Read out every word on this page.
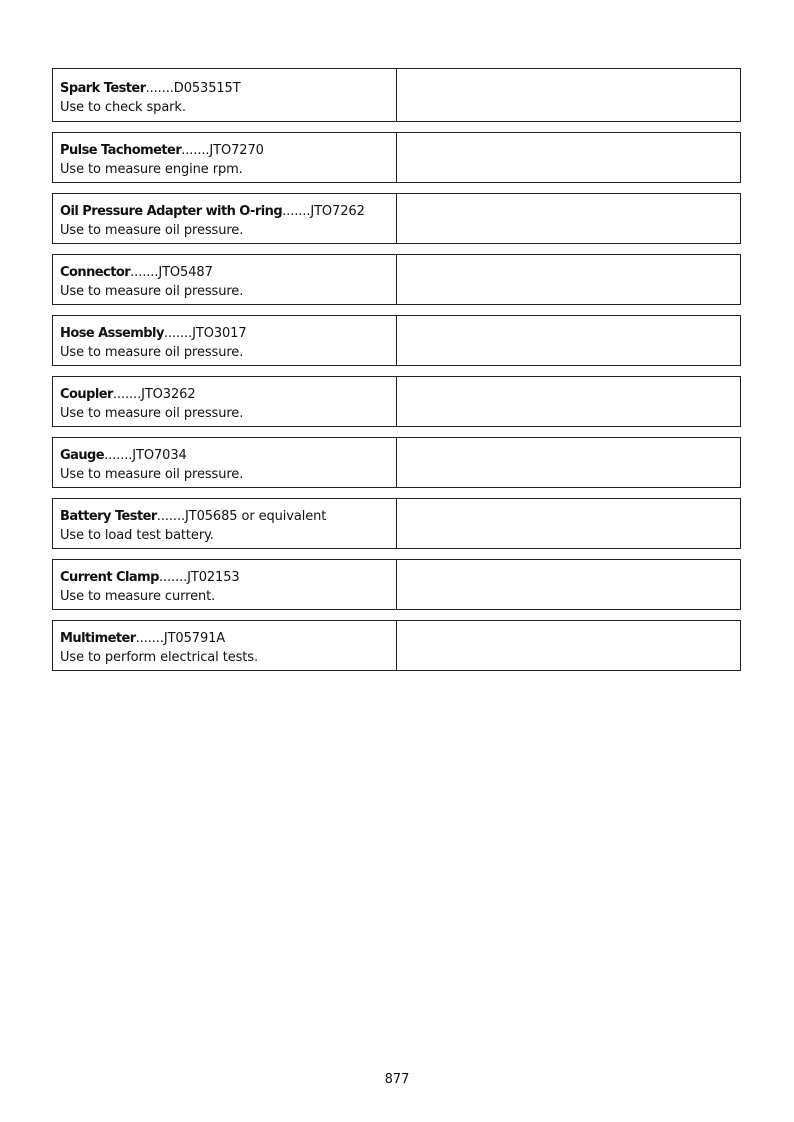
Spark Tester.......D053515T
Use to check spark.
Pulse Tachometer.......JTO7270
Use to measure engine rpm.
Oil Pressure Adapter with O-ring.......JTO7262
Use to measure oil pressure.
Connector.......JTO5487
Use to measure oil pressure.
Hose Assembly.......JTO3017
Use to measure oil pressure.
Coupler.......JTO3262
Use to measure oil pressure.
Gauge.......JTO7034
Use to measure oil pressure.
Battery Tester.......JT05685 or equivalent
Use to load test battery.
Current Clamp.......JT02153
Use to measure current.
Multimeter.......JT05791A
Use to perform electrical tests.
877
